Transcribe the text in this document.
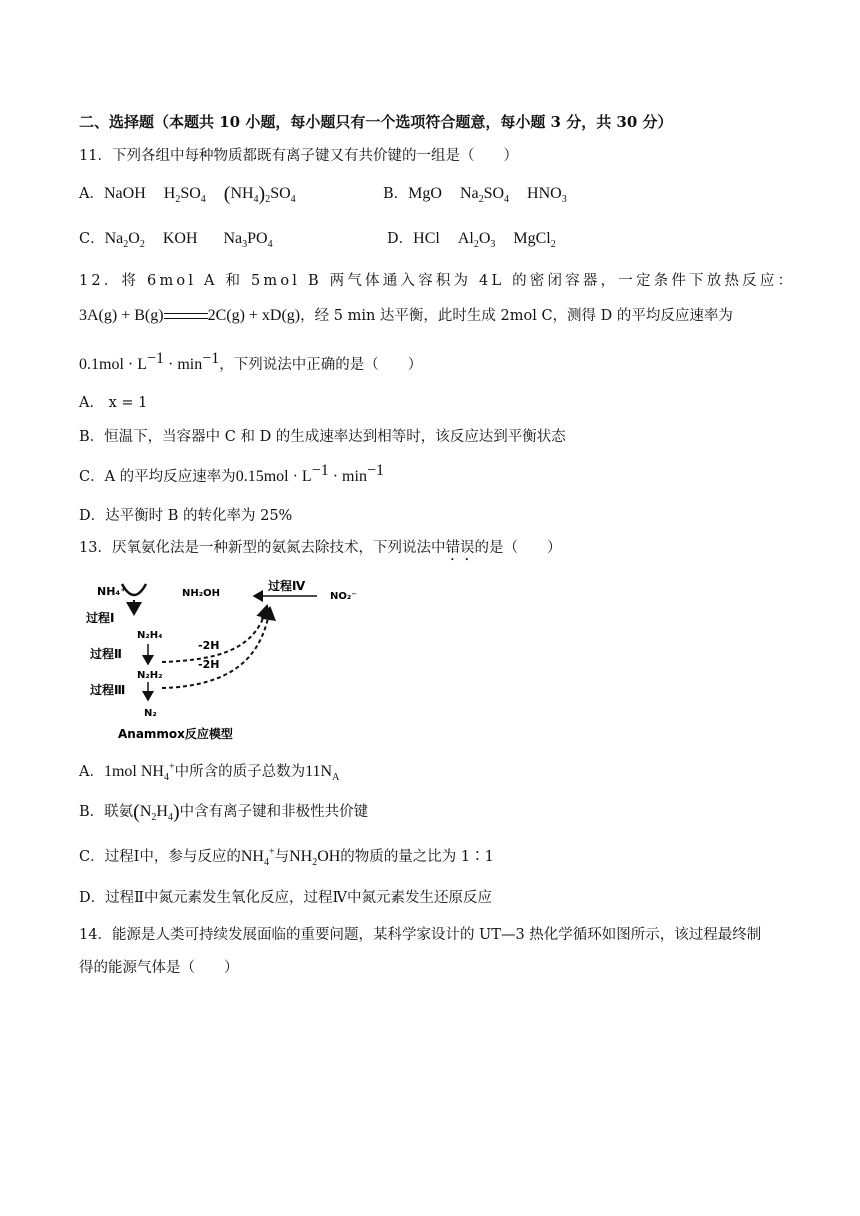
二、选择题（本题共 10 小题，每小题只有一个选项符合题意，每小题 3 分，共 30 分）
11．下列各组中每种物质都既有离子键又有共价键的一组是（　　）
A．NaOH $H_2SO_4$ $(NH_4)_2SO_4$	B．MgO $Na_2SO_4$ $HNO_3$
C．$Na_2O_2$ KOH $Na_3PO_4$	D．HCl $Al_2O_3$ MgCl$_2$
12．将 6mol A 和 5mol B 两气体通入容积为 4L 的密闭容器，一定条件下放热反应：
3A(g) + B(g)	2C(g) + xD(g)，经 5 min 达平衡，此时生成 2mol C，测得 D 的平均反应速率为
$0.1mol \cdot L^{-1} \cdot \min^{-1}$，下列说法中正确的是（　　）
A． x = 1
B．恒温下，当容器中 C 和 D 的生成速率达到相等时，该反应达到平衡状态
C．A 的平均反应速率为$0.15mol \cdot L^{-1} \cdot \min^{-1}$
D．达平衡时 B 的转化率为 25%
13．厌氧氨化法是一种新型的氨氮去除技术，下列说法中错误的是（　　）
NH₄⁺
过程Ⅰ
NH₂OH
过程Ⅳ
NO₂⁻
N₂H₄
-2H
过程Ⅱ
N₂H₂
-2H
过程Ⅲ
N₂
Anammox反应模型
A．1mol $NH_4^+$中所含的质子总数为$11N_A$
B．联氨$(N_2H_4)$中含有离子键和非极性共价键
C．过程Ⅰ中，参与反应的$NH_4^+$与$NH_2OH$的物质的量之比为 1∶1
D．过程Ⅱ中氮元素发生氧化反应，过程Ⅳ中氮元素发生还原反应
14．能源是人类可持续发展面临的重要问题，某科学家设计的 UT—3 热化学循环如图所示，该过程最终制
得的能源气体是（　　）
